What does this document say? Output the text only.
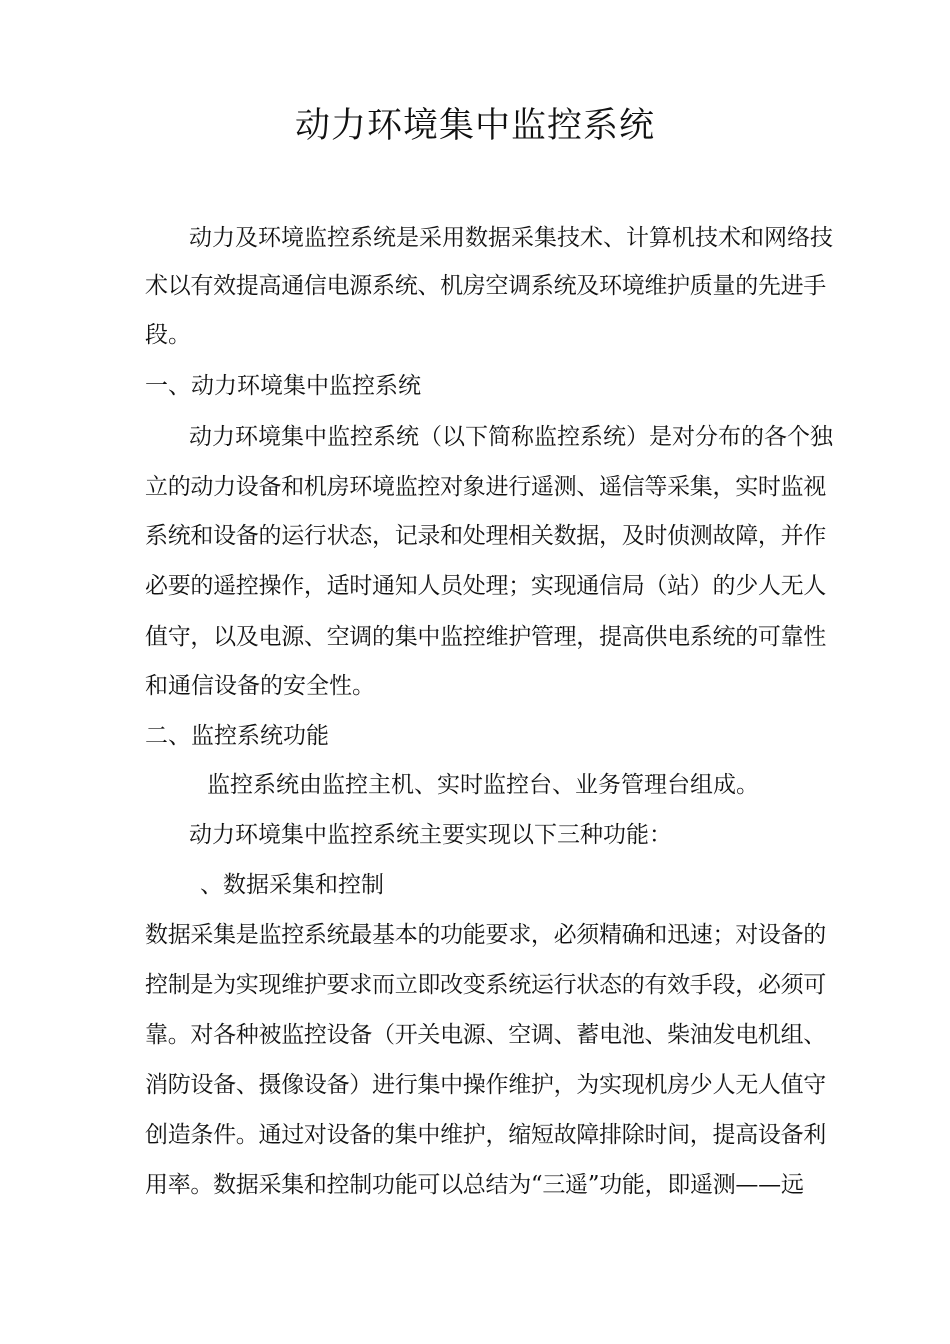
动力环境集中监控系统
动力及环境监控系统是采用数据采集技术、计算机技术和网络技
术以有效提高通信电源系统、机房空调系统及环境维护质量的先进手
段。
一、动力环境集中监控系统
动力环境集中监控系统（以下简称监控系统）是对分布的各个独
立的动力设备和机房环境监控对象进行遥测、遥信等采集，实时监视
系统和设备的运行状态，记录和处理相关数据，及时侦测故障，并作
必要的遥控操作，适时通知人员处理；实现通信局（站）的少人无人
值守，以及电源、空调的集中监控维护管理，提高供电系统的可靠性
和通信设备的安全性。
二、监控系统功能
监控系统由监控主机、实时监控台、业务管理台组成。
动力环境集中监控系统主要实现以下三种功能：
、数据采集和控制
数据采集是监控系统最基本的功能要求，必须精确和迅速；对设备的
控制是为实现维护要求而立即改变系统运行状态的有效手段，必须可
靠。对各种被监控设备（开关电源、空调、蓄电池、柴油发电机组、
消防设备、摄像设备）进行集中操作维护，为实现机房少人无人值守
创造条件。通过对设备的集中维护，缩短故障排除时间，提高设备利
用率。数据采集和控制功能可以总结为“三遥”功能，即遥测——远
